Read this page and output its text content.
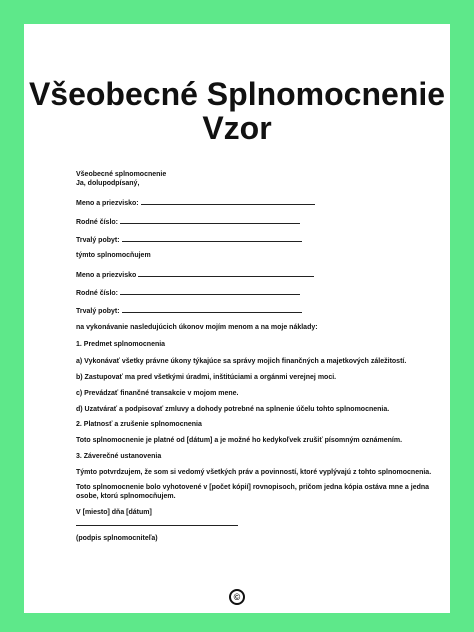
Všeobecné Splnomocnenie
Vzor
Všeobecné splnomocnenie
Ja, dolupodpísaný,
Meno a priezvisko:
Rodné číslo:
Trvalý pobyt:
týmto splnomocňujem
Meno a priezvisko
Rodné číslo:
Trvalý pobyt:
na vykonávanie nasledujúcich úkonov mojím menom a na moje náklady:
1. Predmet splnomocnenia
a) Vykonávať všetky právne úkony týkajúce sa správy mojich finančných a majetkových záležitostí.
b) Zastupovať ma pred všetkými úradmi, inštitúciami a orgánmi verejnej moci.
c) Prevádzať finančné transakcie v mojom mene.
d) Uzatvárať a podpisovať zmluvy a dohody potrebné na splnenie účelu tohto splnomocnenia.
2. Platnosť a zrušenie splnomocnenia
Toto splnomocnenie je platné od [dátum] a je možné ho kedykoľvek zrušiť písomným oznámením.
3. Záverečné ustanovenia
Týmto potvrdzujem, že som si vedomý všetkých práv a povinností, ktoré vyplývajú z tohto splnomocnenia.
Toto splnomocnenie bolo vyhotovené v [počet kópií] rovnopisoch, pričom jedna kópia ostáva mne a jedna
osobe, ktorú splnomocňujem.
V [miesto] dňa [dátum]
(podpis splnomocniteľa)
©
